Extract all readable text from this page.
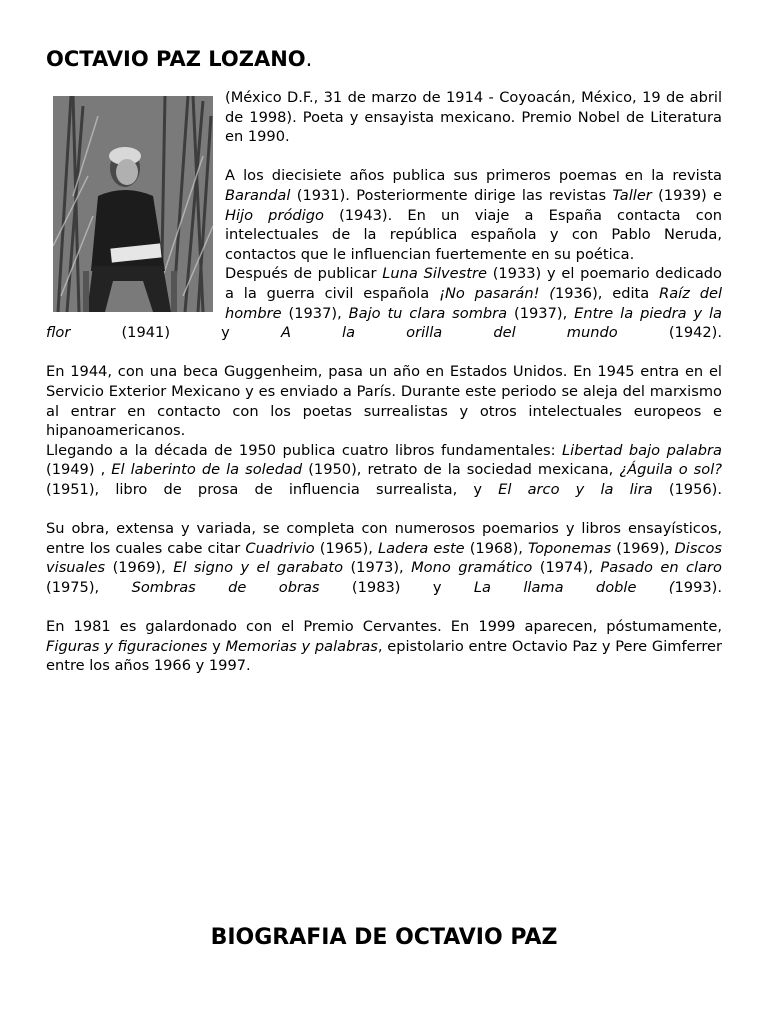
OCTAVIO PAZ LOZANO.

(México D.F., 31 de marzo de 1914 - Coyoacán, México, 19 de abril de 1998). Poeta y ensayista mexicano. Premio Nobel de Literatura en 1990.

A los diecisiete años publica sus primeros poemas en la revista Barandal (1931). Posteriormente dirige las revistas Taller (1939) e Hijo pródigo (1943). En un viaje a España contacta con intelectuales de la república española y con Pablo Neruda, contactos que le influencian fuertemente en su poética.

Después de publicar Luna Silvestre (1933) y el poemario dedicado a la guerra civil española ¡No pasarán! (1936), edita Raíz del hombre (1937), Bajo tu clara sombra (1937), Entre la piedra y la flor (1941) y A la orilla del mundo (1942).

En 1944, con una beca Guggenheim, pasa un año en Estados Unidos. En 1945 entra en el Servicio Exterior Mexicano y es enviado a París. Durante este periodo se aleja del marxismo al entrar en contacto con los poetas surrealistas y otros intelectuales europeos e hipanoamericanos.

Llegando a la década de 1950 publica cuatro libros fundamentales: Libertad bajo palabra (1949) , El laberinto de la soledad (1950), retrato de la sociedad mexicana, ¿Águila o sol? (1951), libro de prosa de influencia surrealista, y El arco y la lira (1956).

Su obra, extensa y variada, se completa con numerosos poemarios y libros ensayísticos, entre los cuales cabe citar Cuadrivio (1965), Ladera este (1968), Toponemas (1969), Discos visuales (1969), El signo y el garabato (1973), Mono gramático (1974), Pasado en claro (1975), Sombras de obras (1983) y La llama doble (1993).

En 1981 es galardonado con el Premio Cervantes. En 1999 aparecen, póstumamente, Figuras y figuraciones y Memorias y palabras, epistolario entre Octavio Paz y Pere Gimferrer entre los años 1966 y 1997.

BIOGRAFIA DE OCTAVIO PAZ
